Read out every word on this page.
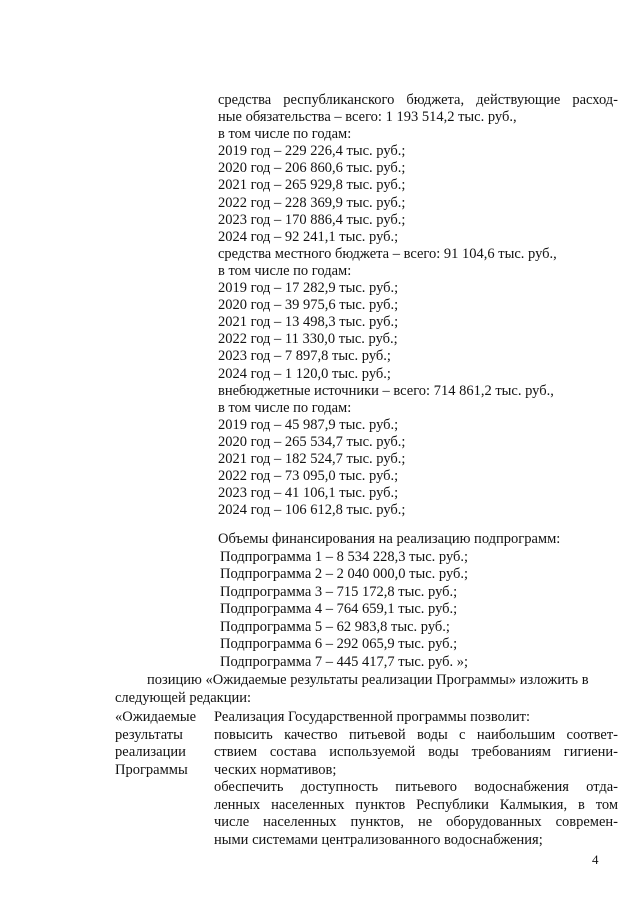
средства республиканского бюджета, действующие расход-
ные обязательства – всего: 1 193 514,2 тыс. руб.,
в том числе по годам:
2019 год – 229 226,4 тыс. руб.;
2020 год – 206 860,6 тыс. руб.;
2021 год – 265 929,8 тыс. руб.;
2022 год – 228 369,9 тыс. руб.;
2023 год – 170 886,4 тыс. руб.;
2024 год – 92 241,1 тыс. руб.;
средства местного бюджета – всего: 91 104,6 тыс. руб.,
в том числе по годам:
2019 год – 17 282,9 тыс. руб.;
2020 год – 39 975,6 тыс. руб.;
2021 год – 13 498,3 тыс. руб.;
2022 год – 11 330,0 тыс. руб.;
2023 год – 7 897,8 тыс. руб.;
2024 год – 1 120,0 тыс. руб.;
внебюджетные источники – всего: 714 861,2 тыс. руб.,
в том числе по годам:
2019 год – 45 987,9 тыс. руб.;
2020 год – 265 534,7 тыс. руб.;
2021 год – 182 524,7 тыс. руб.;
2022 год – 73 095,0 тыс. руб.;
2023 год – 41 106,1 тыс. руб.;
2024 год – 106 612,8 тыс. руб.;
Объемы финансирования на реализацию подпрограмм:
Подпрограмма 1 – 8 534 228,3 тыс. руб.;
Подпрограмма 2 – 2 040 000,0 тыс. руб.;
Подпрограмма 3 – 715 172,8 тыс. руб.;
Подпрограмма 4 – 764 659,1 тыс. руб.;
Подпрограмма 5 – 62 983,8 тыс. руб.;
Подпрограмма 6 – 292 065,9 тыс. руб.;
Подпрограмма 7 – 445 417,7 тыс. руб. »;
позицию «Ожидаемые результаты реализации Программы» изложить в
следующей редакции:
«Ожидаемые
результаты
реализации
Программы
Реализация Государственной программы позволит:
повысить качество питьевой воды с наибольшим соответ-
ствием состава используемой воды требованиям гигиени-
ческих нормативов;
обеспечить доступность питьевого водоснабжения отда-
ленных населенных пунктов Республики Калмыкия, в том
числе населенных пунктов, не оборудованных современ-
ными системами централизованного водоснабжения;
4
